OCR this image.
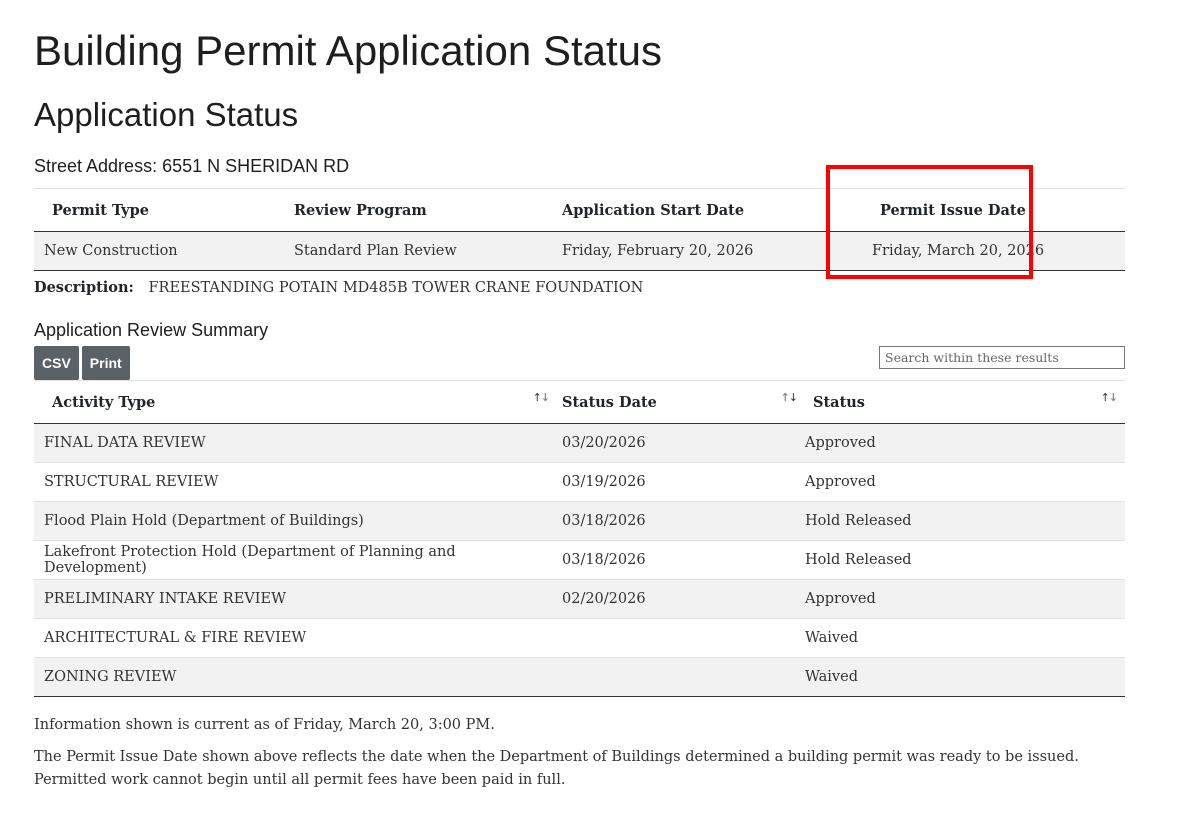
Building Permit Application Status
Application Status
Street Address: 6551 N SHERIDAN RD
Permit Type	Review Program	Application Start Date	Permit Issue Date
New Construction	Standard Plan Review	Friday, February 20, 2026	Friday, March 20, 2026
Description: FREESTANDING POTAIN MD485B TOWER CRANE FOUNDATION
Application Review Summary
CSV	Print
Search within these results
Activity Type ↑↓	Status Date ↑↓	Status ↑↓

FINAL DATA REVIEW	03/20/2026	Approved
STRUCTURAL REVIEW	03/19/2026	Approved
Flood Plain Hold (Department of Buildings)	03/18/2026	Hold Released
Lakefront Protection Hold (Department of Planning and Development)	03/18/2026	Hold Released
PRELIMINARY INTAKE REVIEW	02/20/2026	Approved
ARCHITECTURAL & FIRE REVIEW		Waived
ZONING REVIEW		Waived
Information shown is current as of Friday, March 20, 3:00 PM.
The Permit Issue Date shown above reflects the date when the Department of Buildings determined a building permit was ready to be issued. Permitted work cannot begin until all permit fees have been paid in full.
